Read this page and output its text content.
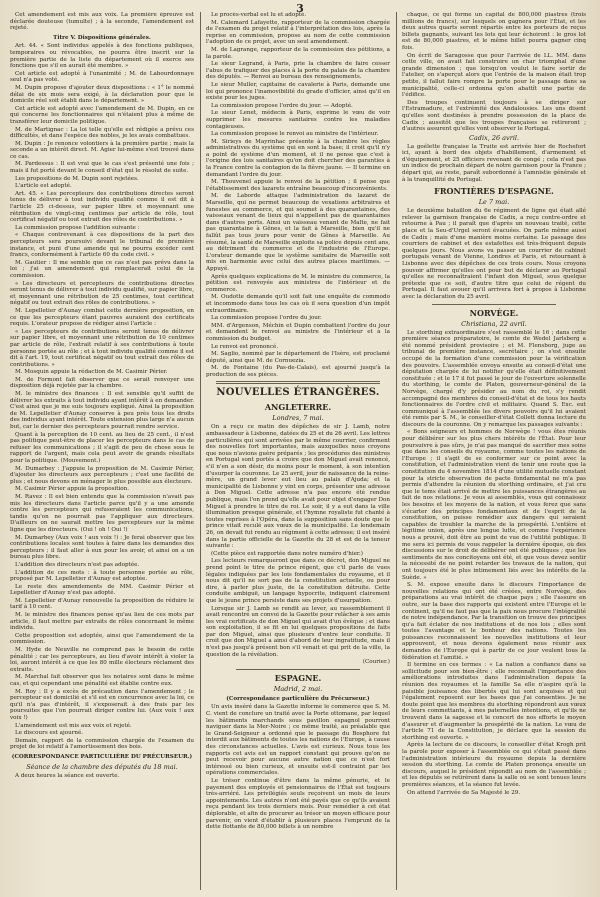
3

Cet amendement est mis aux voix. La première épreuve est déclarée douteuse (tumulte) ; à la seconde, l'amendement est rejeté.

Titre V. Dispositions générales.

Art. 44. « Sont individus appelés à des fonctions publiques, temporaires ou révocables, ne pourra être inscrit sur la première partie de la liste du département où il exerce ses fonctions que s'il en aurait été membre. »

Cet article est adopté à l'unanimité ; M. de Labourdonnaye seul n'a pas voté.

M. Dupin propose d'ajouter deux dispositions : « 1° le nommé délai de six mois sera exigé, à la déclaration pour que le domicile réel soit établi dans le département. »

Cet article est adopté avec l'amendement de M. Dupin, en ce qui concerne les fonctionnaires qui n'étaient plus à même de transférer leur domicile politique.

M. de Martignac : La loi telle qu'elle est rédigée a prévu ces difficultés, et dans l'espèce des nobles, je les avais combattues.

M. Dupin : Je renonce volontiers à la première partie ; mais la seconde a un intérêt direct. M. Agier lui-même s'est trouvé dans ce cas.

M. Pardessus : Il est vrai que le cas s'est présenté une fois ; mais il fut porté devant le conseil d'état qui le résolut de suite.

Les propositions de M. Dupin sont rejetées.

L'article est adopté.

Art. 45. « Les percepteurs des contributions directes seront tenus de délivrer à tout individu qualifié comme il est dit à l'article 25 ci-dessus, sur papier libre et moyennant une rétribution de vingt-cinq centimes par article de rôle, tout certificat négatif ou tout extrait des rôles de contributions. »

La commission propose l'addition suivante :

« Chaque contrevenant à ces dispositions de la part des percepteurs sera poursuivi devant le tribunal de première instance, et puni d'une amende qui ne pourra excéder cent francs, conformément à l'article 60 du code civil. »

M. Gautier : Il me semble que ce cas n'est pas prévu dans la loi ; j'ai un amendement qui remplacerait celui de la commission.

« Les directeurs et percepteurs de contributions directes seront tenus de délivrer à tout individu qualifié, sur papier libre, et moyennant une rétribution de 25 centimes, tout certificat négatif ou tout extrait des rôles de contributions. »

M. Lepelletier d'Aunay combat cette dernière proposition, en ce que les percepteurs étant pauvres auraient des certificats requis. L'orateur propose de rédiger ainsi l'article :

« Les percepteurs de contributions seront tenus de délivrer sur papier libre, et moyennant une rétribution de 10 centimes par article de rôle, l'extrait relatif à ses contributions à toute personne portée au rôle ; et à tout individu qualifié comme il est dit à l'art. 19, tout certificat négatif ou tout extrait des rôles de contributions. »

M. Mosquin appuie la rédaction de M. Casimir Périer.

M. de Formont fait observer que ce serait renvoyer une disposition déjà rejetée par la chambre.

M. le ministre des finances : Il est sensible qu'il suffit de délivrer les extraits à tout individu ayant intérêt à en demander. C'est ainsi que je me suis toujours expliqué. Ainsi la proposition de M. Lepelletier d'Aunay conserve à peu près tous les droits des individus ayant intérêt. Toute extension plus large n'a aucun but, car le dernier des percepteurs pourrait rendre service.

Quant à la perception de 10 cent. au lieu de 25 cent., il n'est pas politique peut-être de placer les percepteurs dans le cas de refuser les communications ; il s'agit de peu de chose sous le rapport de l'argent, mais cela peut avoir de grands résultats pour la politique. (Mouvement.)

M. Dumarbey : J'appuie la proposition de M. Casimir Périer, d'ajouter les directeurs aux percepteurs ; c'est une facilité de plus ; et nous devons en ménager le plus possible aux électeurs.

M. Casimir Périer appuie la proposition.

M. Ravez : Il est bien entendu que la commission n'avait pas mis les directeurs dans l'article parce qu'il y a une amende contre les percepteurs qui refuseraient les communications, tandis qu'on ne pourrait pas l'appliquer aux directeurs. D'ailleurs on ne saurait mettre les percepteurs sur la même ligne que les directeurs. (Oui ! oh ! Oui !)

M. Dumarbey (Aux voix ! aux voix !) : Je ferai observer que les contributions locales sont toutes à faire dans les demandes des percepteurs ; il faut aller à eux pour les avoir, et ainsi on a un bureau plus libre.

L'addition des directeurs n'est pas adoptée.

L'addition de ces mots : à toute personne portée au rôle, proposé par M. Lepelletier d'Aunay est adoptée.

Le reste des amendements de MM. Casimir Périer et Lepelletier d'Aunay n'est pas adopté.

M. Lepelletier d'Aunay renouvelle la proposition de réduire le tarif à 10 cent.

M. le ministre des finances pense qu'au lieu de ces mots par article, il faut mettre par extraits de rôles concernant le même individu.

Cette proposition est adoptée, ainsi que l'amendement de la commission.

M. Hyde de Neuville ne comprend pas le besoin de cette pénalité ; car les percepteurs, au lieu d'avoir intérêt à violer la loi, auront intérêt à ce que les 80 mille électeurs réclament des extraits.

M. Marchal fait observer que les notaires sont dans le même cas, et qui cependant une pénalité est établie contre eux.

M. Roy : Il y a excès de précaution dans l'amendement ; le percepteur est domicilié et s'il est en concurrence avec la loi, ce qu'il n'a pas d'intérêt, il s'exposerait à des frais par les poursuites que l'on pourrait diriger contre lui. (Aux voix ! aux voix !)

L'amendement est mis aux voix et rejeté.

Le discours est ajourné.

Demain, rapport de la commission chargée de l'examen du projet de loi relatif à l'amortissement des bois.

(CORRESPONDANCE PARTICULIÈRE DU PRÉCURSEUR.)
Séance de la chambre des députés du 18 mai.

A deux heures la séance est ouverte.

Le procès-verbal est lu et adopté.

M. Calemard Lafayette, rapporteur de la commission chargée de l'examen du projet relatif à l'interprétation des lois, après la reprise en commission, propose au nom de cette commission l'adoption de ce projet, avec un seul amendement.

M. de Lagrange, rapporteur de la commission des pétitions, a la parole.

Le sieur Legrand, à Paris, prie la chambre de faire cesser l'abus de trafiquer des places à la porte du palais de la chambre des députés. — Renvoi au bureau des renseignements.

Le sieur Muller, capitaine de cavalerie à Paris, demande une loi qui prononce l'inamovibilité du grade d'officier, ainsi qu'il en existe pour les juges.

La commission propose l'ordre du jour. — Adopté.

Le sieur Lenet, médecin à Paris, exprime le vœu de voir supprimer les mesures sanitaires contre les maladies contagieuses.

La commission propose le renvoi au ministre de l'intérieur.

M. Sirieys de Mayrinhac présente à la chambre les règles administratives du système qui en sont la base; il croit qu'il n'y a point de système d'un moment, et il ne pense que c'est à l'origine des lois sanitaires qu'on doit chercher des garanties à la France contre la contagion de la fièvre jaune. — Il termine en demandant l'ordre du jour.

M. Thouvenel appuie le renvoi de la pétition ; il pense que l'établissement des lazarets entraîne beaucoup d'inconvénients.

M. de Laborde attaque l'administration du lazaret de Marseille, qui ne permet beaucoup de vexations arbitraires et funestes au commerce, et qui soumet à des quarantaines, des vaisseaux venant de lieux qui n'appellent pas de quarantaines dans d'autres ports. Ainsi un vaisseau venant de Malte, ne fait pas quarantaine à Gênes, et la fait à Marseille, bien qu'il ne fallût pas tous jours pour venir de Gênes à Marseille. Au résumé, la santé de Marseille exploite sa police depuis cent ans, au détriment du commerce et de l'industrie de l'Europe. L'orateur demande que le système sanitaire de Marseille soit mis en harmonie avec celui des autres places maritimes. — Appuyé.

Après quelques explications de M. le ministre du commerce, la pétition est renvoyée aux ministres de l'intérieur et du commerce.

M. Oudotte demande qu'il soit fait une enquête de commodo et incommodo dans tous les cas où il sera question d'un impôt extraordinaire.

La commission propose l'ordre du jour.

MM. d'Argenson, Méchin et Dupin combattent l'ordre du jour et demandent le renvoi au ministre de l'intérieur et à la commission du budget.

Le renvoi est prononcé.

M. Saglio, nommé par le département de l'Isère, est proclamé député, ainsi que M. de Cornuezia.

M. de Fontaine (du Pas-de-Calais), est ajourné jusqu'à la production de ses pièces.

NOUVELLES ÉTRANGÈRES.
ANGLETERRE.
Londres, 7 mai.

On a reçu ce matin des dépêches de sir J. Lamb, notre ambassadeur à Lisbonne, datées du 25 et du 26 avril. Les lettres particulières qui sont arrivées par le même courrier, confirment des nouvelles fort importantes, mais auxquelles nous croyons que nous n'avions guère préparés ; les procédures des ministres en Portugal sont portés à croire que don Miguel avait renoncé, s'il n'en a son désir, du moins pour le moment, à son intention d'usurper la couronne. Le 25 avril, jour de naissance de la reine-mère, un grand lever eut lieu au palais d'Ajuda; et la municipalité de Lisbonne y vint en corps, présenter une adresse à Don Miguel. Cette adresse n'a pas encore été rendue publique, mais l'on prend qu'elle avait pour objet d'engager Don Miguel à prendre le titre de roi. Le soir, il y a eut dans la ville illumination presque générale, et l'hymne royaliste fut chanté à toutes reprises à l'Opéra, dans la supposition sans doute que le prince vitait reculé aux vœux de la municipalité. Le lendemain 26, on devait fut rendu au régiment à cette adresse; il est inséré dans la partie officielle de la Gazette du 28 et est de la teneur suivante :

(Cette pièce est rapportée dans notre numéro d'hier.)

Les lecteurs remarqueront que dans ce décret, don Miguel ne prend point le titre de prince régent, que c'il parle de vues légales indiquées par les lois fondamentales du royaume, et il nous dit qu'il ne sort pas de la constitution actuelle, ou pour dire, à parler plus juste, de la constitution détruite. Cette conduite ambiguë, un langage hypocrite, indiquent clairement que le jeune prince persiste dans ses projets d'usurpation.

Lorsque sir J. Lamb se rendit au lever, au rassemblement il avait rencontré un convoi de la Gazette pour relâcher à ses amis les vrai certificats de don Miguel qui avait d'un évêque ; et dans son exploitation, il se fit en lui quelques propositions de faits par don Miguel, ainsi que plusieurs d'entre leur conduite. Il croit que don Miguel a ainsi d'abord de leur ingratitude, mais il n'est pas jusqu'à présent bon s'il venait et qui prit de la ville, la question de la révélation.

(Courier.)

ESPAGNE.
Madrid, 2 mai.
(Correspondance particulière du Précurseur.)

Un avis inséré dans la Gazette informe le commerce que S. M. C. vient de conclure un traité avec la Porte ottomane, par lequel les bâtiments marchands sous pavillon espagnol pourront naviguer dans la Mer-Noire ; ce même traité, au préalable que le Grand-Seigneur a ordonné que le passage du Bosphore fut interdit aux bâtiments de toutes les nations de l'Europe, à cause des circonstances actuelles. L'avis est curieux. Nous tous les rapports cet avis est un rapport constant qui prouve qu'on ne peut recevoir pour aucune autre nation que ce n'est fort intéressé ou bien curieux, et ensuite est-il contraint par les opérations commerciales.

Le trésor continue d'être dans la même pénurie, et le payement des employés et pensionnaires de l'État est toujours très-arriéré. Les privilégiés seuls reçoivent un mois de leurs appointements. Les autres n'ont été payés que ce qu'ils avaient reçu pendant les trois derniers mois. Pour remédier à cet état déplorable, et afin de procurer au trésor un moyen efficace pour parvenir, on vient d'établir à plusieurs places l'emprunt de la dette flottante de 80,000 billets à un nombre

chaque, ce qui forme un capital de 800,000 piastres (trois millions de francs), sur lesquels on gagnera pour l'État, et les deux autres quarts seront répartis entre les porteurs de reçus billets gagnants, suivant les lots qui leur échoiront : le gros lot est de 80,000 piastres, et le même billet pourra gagner cinq fois.

On écrit de Saragosse que pour l'arrivée de LL. MM. dans cette ville, on avait fait construire un char triomphal d'une grande dimension ; que lorsqu'on voulut le faire sortir de l'atelier, on s'aperçut alors que l'entrée de la maison était trop petite, il fallut faire rompre la porte pour le passage dans sa municipalité, celle-ci ordonna qu'on abattît une partie de l'édifice.

Des troupes continuent toujours à se diriger sur l'Estramadure, et l'extrémité des Andalousies. Les uns disent qu'elles sont destinées à prendre possession de la place de Cadix ; aussitôt que les troupes françaises se retireront ; d'autres assurent qu'elles vont observer le Portugal.

Cadix, 26 avril.

La goélette française la Truite est arrivée hier de Rochefort ici, ayant à bord des objets d'habillement, d'armement et d'équipement, et 25 officiers revenant de congé ; cela n'est pas un indice de prochain départ de notre garnison pour la France ; départ qui, au reste, paraît subordonné à l'amnistie générale et à la tranquillité du Portugal.

FRONTIÈRES D'ESPAGNE.
Le 7 mai.

Le deuxième bataillon du 6e régiment de ligne qui était allé relever la garnison française de Cadix, a reçu contre-ordre et retourne à Pau ; il paraît que d'après un nouveau traité, cette place et la Seu-d'Urgel seront évacuées. On parle même aussi de Cadix ; mais d'une manière moins certaine. Le passage des courriers de cabinet et des estafettes est très-fréquent depuis quelques jours. Nous avons vu passer un courrier de cabinet portugais venant de Vienne, Londres et Paris, et retournant à Lisbonne avec des dépêches de ces trois cours. Nous croyons pouvoir affirmer qu'elles ont pour but de déclarer au Portugal qu'elles ne reconnaîtraient l'infant don Miguel, sous quelque prétexte que ce soit, d'autre titre que celui de régent du Portugal. Il faut avouer qu'il arrivera fort à propos à Lisbonne avec la déclaration du 25 avril.

NORVÈGE.
Christiana, 22 avril.

Le storthing extraordinaire s'est rassemblé le 16 ; dans cette première séance préparatoire, le comte de Wedel Jarlsberg a été nommé président provisoire ; et M. Flensborg, juge au tribunal de première instance, secrétaire ; on s'est ensuite occupé de la formation d'une commission pour la vérification des pouvoirs. L'assemblée envoya ensuite au conseil-d'état une députation chargée de lui notifier qu'elle était définitivement constituée ; et le 17 il fut passé le jour de l'ouverture solennelle du storthing, le comte de Platen, gouverneur-général de la Norvège, chargé d'y présider au nom du roi, s'y rendit accompagné des membres du conseil-d'état et de tous les hauts fonctionnaires de l'ordre civil et militaire. Quand S. Exc. eut communiqué à l'assemblée les divers pouvoirs qu'il lui avaient été remis par S. M., le conseiller-d'état Collett donna lecture du discours de la couronne. On y remarque les passages suivants :

« Bons seigneurs et hommes de Norwège ! vous êtes réunis pour délibérer sur les plus chers intérêts de l'État. Pour leur poursuivre à pas sûrs, je n'ai pas manqué de sacrifier mes soins que dans les conseils du royaume, comme toutes les nations de l'Europe ; il s'agit de se conformer sur ce point avec la constitution, et l'administration vient de tenir une route que la constitution du 4 novembre 1814 d'une utilité mutuelle constant pour la stricte observation de pacte fondamental ne m'a pas permis d'attendre la réunion du storthing ordinaire, et j'ai cru que le tems était arrivé de mettre les puissances étrangères au fait de nos relations. Je vous ai assemblés, vous qui connaissez les besoins et les moyens de la nation, et vous ferez que sans s'écarter des principes fondamentaux et de l'esprit de la constitution, on puisse remédier aux dangers qui seraient capables de troubler la marche de la prospérité. L'entière et légitime union, après une longue lutte, et comme l'expérience nous a prouvé, doit être au point de vue de l'utilité publique. Il me sera ici permis de vous rappeler la dernière époque, où des discussions sur le droit de délibérer ont été publiques ; que les sentiments de nos concitoyens ont été, et que vous devez sentir la nécessité de ne point retarder les travaux de la nation, qui ont toujours été le plus intimement liés avec les intérêts de la Suède. »

S. M. expose ensuite dans le discours l'importance de nouvelles relations qui ont été créées, entre Norvège, des préparations au vrai intérêt de chaque pays ; elle l'assure en outre, sur la base des rapports qui existent entre l'Europe et le continent, qu'il ne faut pas que la paix nous procure l'intégralité de notre indépendance. Par la transition on trouve des principes qu'a fait éclater de nos institutions et de nos lois ; elles sont toutes l'avantage et le bonheur des nations. Toutes les puissances reconnaissent les nouvelles institutions et leur approuvent, et nous devons également nous réunir aux demandes de l'Europe qui à partir de ce jour veulent tous la fédération et l'amitié. »

Il termine en ces termes : « La nation a confiance dans sa sollicitude pour son bien-être ; elle reconnaît l'importance des améliorations introduites dans l'administration depuis la réunion des royaumes et la famille Sa elle n'aspire qu'à la paisible jouissance des libertés qui lui sont acquises et qui l'également reposent sur les bases que j'ai consenties. Je ne doute point que les membres du storthing répondront aux vœux de leurs commettants, à mes paternelles intentions, et qu'ils ne trouvent dans la sagesse et le concert de nos efforts le moyen d'assurer et d'augmenter la prospérité de la nation. Le vœu de l'article 71 de la Constitution, je déclare que la session du storthing est ouverte. »

Après la lecture de ce discours, le conseiller d'état Krogh prit la parole pour exposer à l'assemblée ce qui s'était passé dans l'administration intérieure du royaume depuis la dernière session du storthing. Le comte de Platen prononça ensuite un discours, auquel le président répondit au nom de l'assemblée ; et les députés se retirèrent dans la salle où se sont tenues leurs premières séances, et la séance fut levée.

On attend l'arrivée de Sa Majesté le 29.
